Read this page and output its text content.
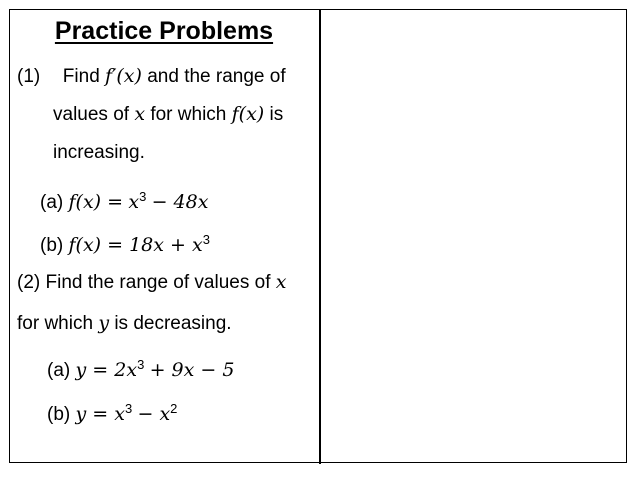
Practice Problems
(1) Find f′(x) and the range of
values of x for which f(x) is
increasing.
(a) $f(x) = x^3 - 48x$
(b) $f(x) = 18x + x^3$
(2) Find the range of values of x
for which y is decreasing.
(a) $y = 2x^3 + 9x - 5$
(b) $y = x^3 - x^2$
